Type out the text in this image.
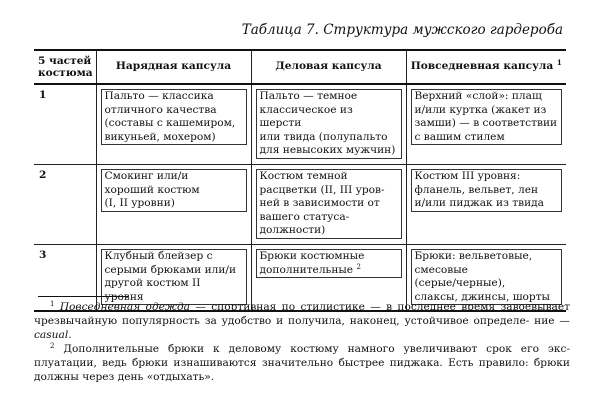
Таблица 7. Структура мужского гардероба
5 частей костюма	Нарядная капсула	Деловая капсула	Повседневная капсула $^1$
1	Пальто — классика
отличного качества
(составы с кашемиром,
викуньей, мохером)	Пальто — темное
классическое из шерсти
или твида (полупальто
для невысоких мужчин)	Верхний «слой»: плащ
и/или куртка (жакет из
замши) — в соответствии
с вашим стилем

2	Смокинг или/и
хороший костюм
(I, II уровни)	Костюм темной
расцветки (II, III уров-
ней в зависимости от
вашего статуса-
должности)	Костюм III уровня:
фланель, вельвет, лен
и/или пиджак из твида

3	Клубный блейзер с
серыми брюками или/и
другой костюм II уровня	Брюки костюмные
дополнительные $^2$	Брюки: вельветовые,
смесовые
(серые/черные),
слаксы, джинсы, шорты

$^1$ Повседневная одежда — спортивная по стилистике — в последнее время завоевывает чрезвычайную популярность за удобство и получила, наконец, устойчивое определе- ние — casual.

$^2$ Дополнительные брюки к деловому костюму намного увеличивают срок его экс- плуатации, ведь брюки изнашиваются значительно быстрее пиджака. Есть правило: брюки должны через день «отдыхать».
